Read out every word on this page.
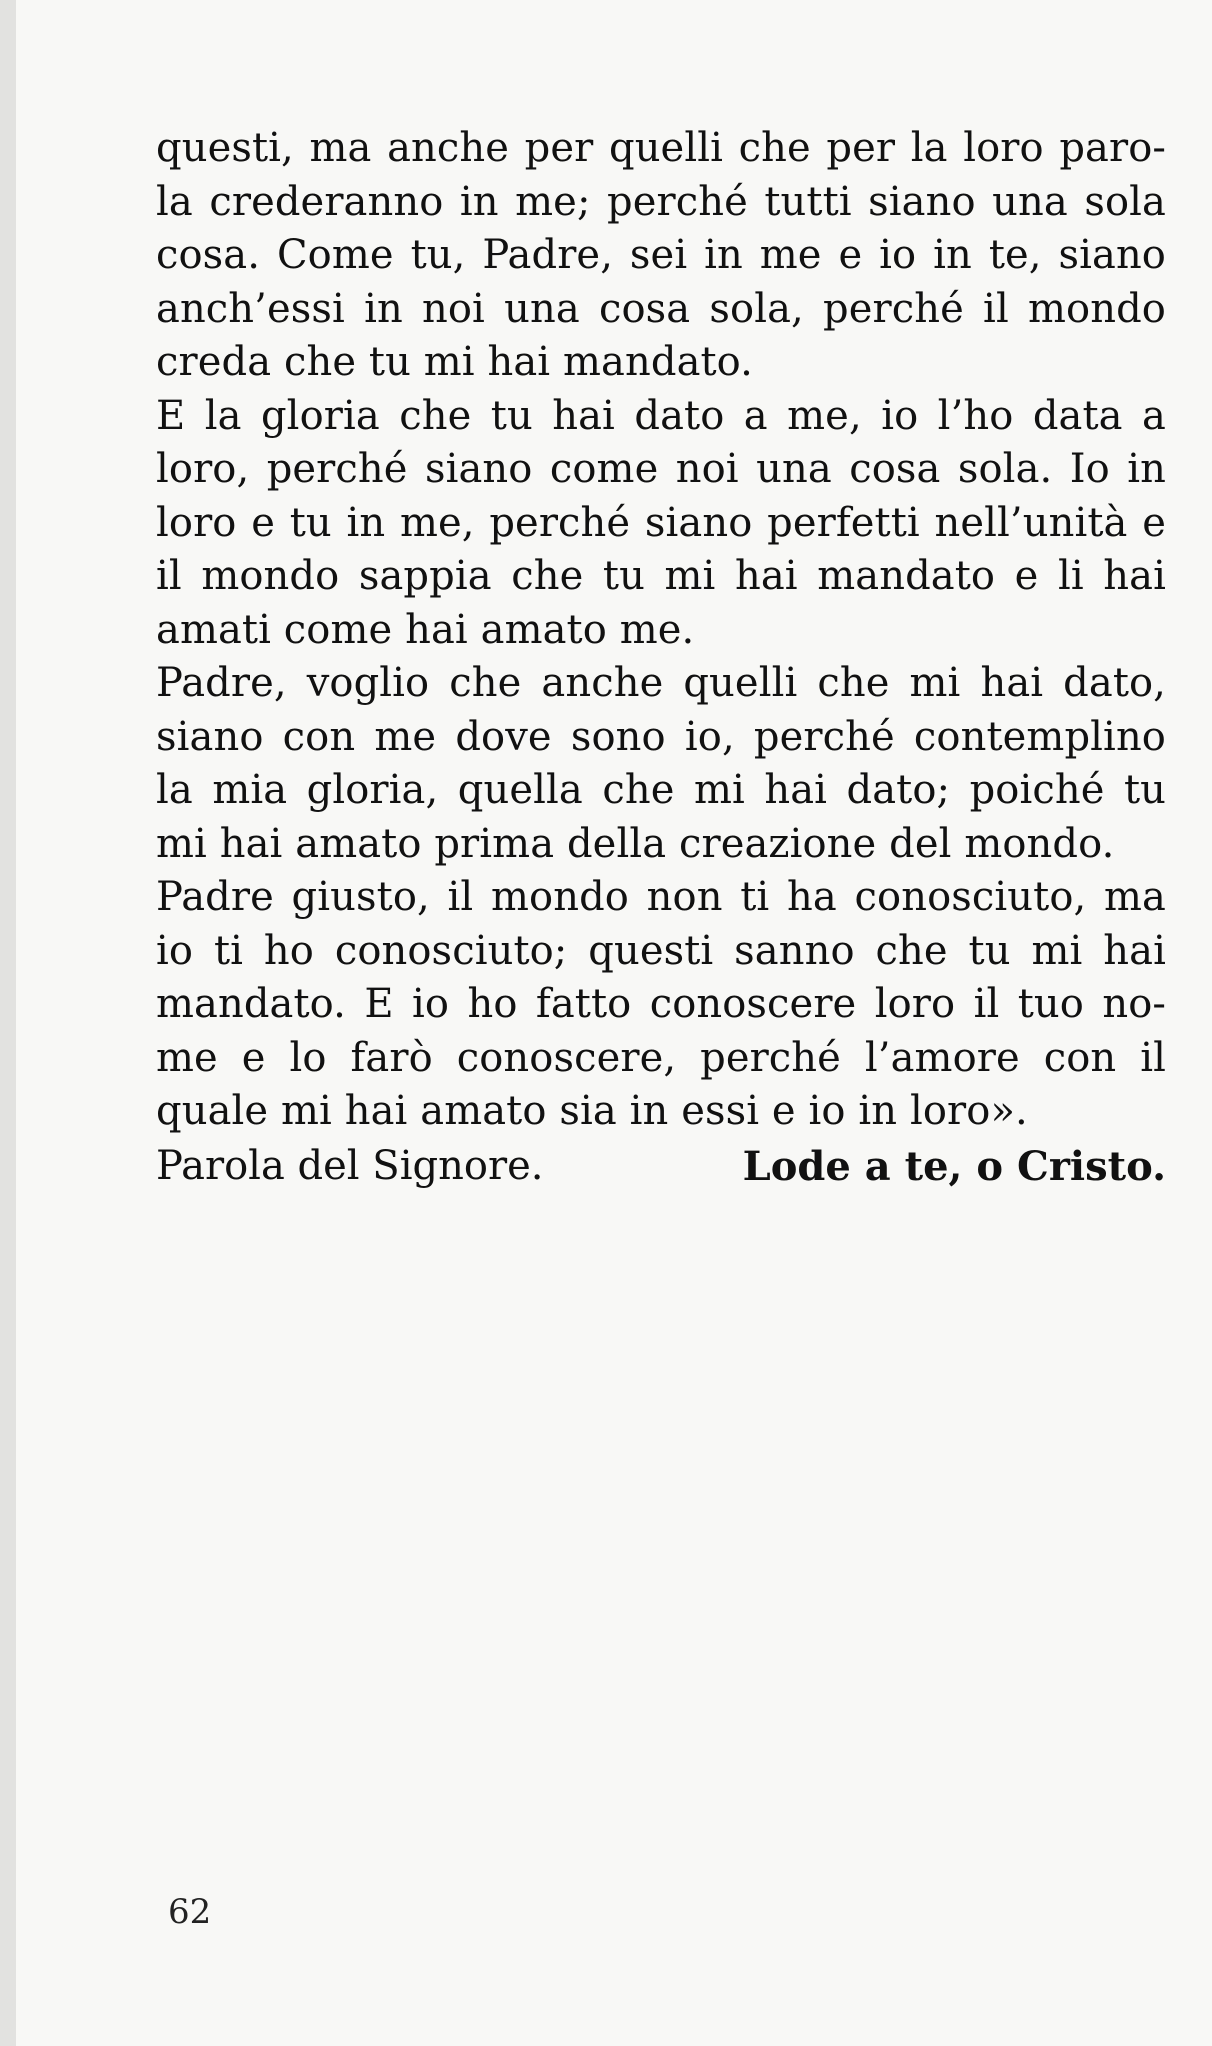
questi, ma anche per quelli che per la loro paro-
la crederanno in me; perché tutti siano una sola
cosa. Come tu, Padre, sei in me e io in te, siano
anch’essi in noi una cosa sola, perché il mondo
creda che tu mi hai mandato.

E la gloria che tu hai dato a me, io l’ho data a
loro, perché siano come noi una cosa sola. Io in
loro e tu in me, perché siano perfetti nell’unità e
il mondo sappia che tu mi hai mandato e li hai
amati come hai amato me.

Padre, voglio che anche quelli che mi hai dato,
siano con me dove sono io, perché contemplino
la mia gloria, quella che mi hai dato; poiché tu
mi hai amato prima della creazione del mondo.

Padre giusto, il mondo non ti ha conosciuto, ma
io ti ho conosciuto; questi sanno che tu mi hai
mandato. E io ho fatto conoscere loro il tuo no-
me e lo farò conoscere, perché l’amore con il
quale mi hai amato sia in essi e io in loro».

Parola del Signore.	Lode a te, o Cristo.
62
